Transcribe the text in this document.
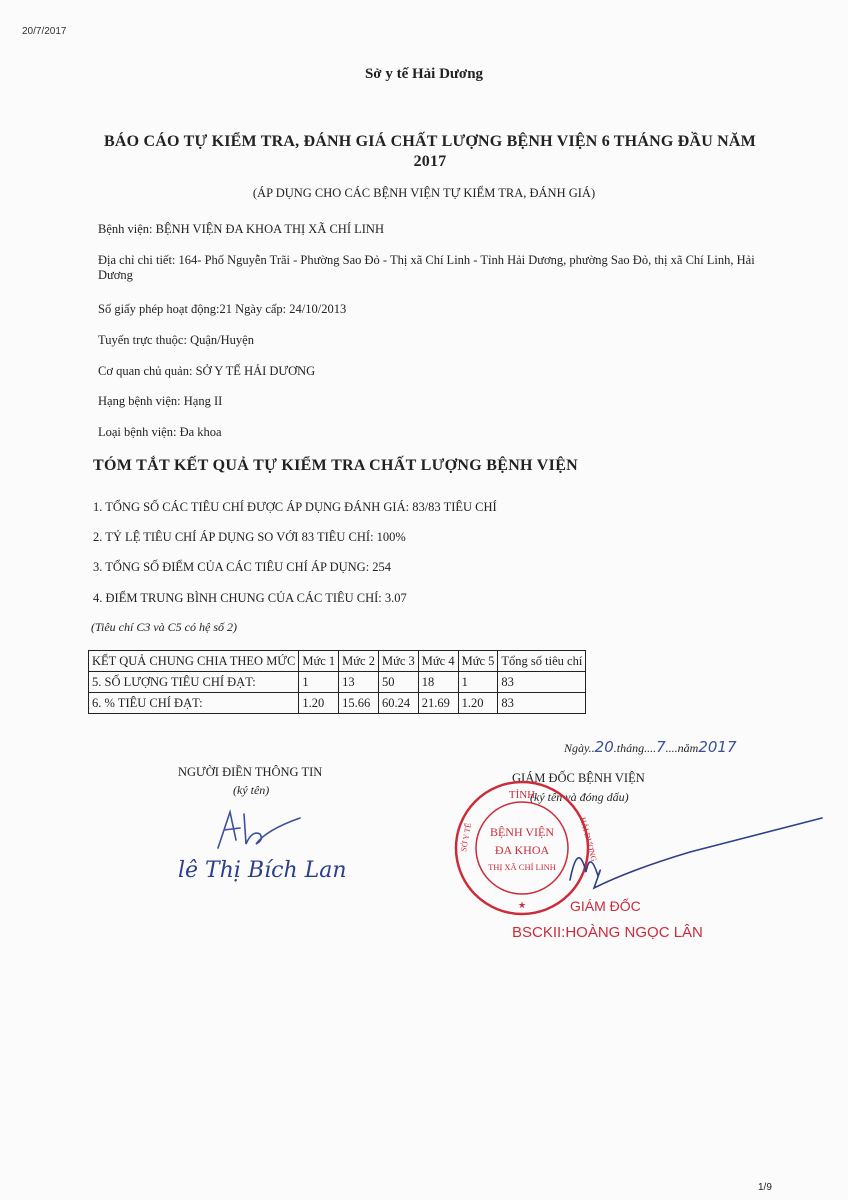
20/7/2017
Sở y tế Hải Dương
BÁO CÁO TỰ KIỂM TRA, ĐÁNH GIÁ CHẤT LƯỢNG BỆNH VIỆN 6 THÁNG ĐẦU NĂM 2017
(ÁP DỤNG CHO CÁC BỆNH VIỆN TỰ KIỂM TRA, ĐÁNH GIÁ)
Bệnh viện: BỆNH VIỆN ĐA KHOA THỊ XÃ CHÍ LINH
Địa chỉ chi tiết: 164- Phố Nguyễn Trãi - Phường Sao Đỏ - Thị xã Chí Linh - Tỉnh Hải Dương, phường Sao Đỏ, thị xã Chí Linh, Hải Dương
Số giấy phép hoạt động:21 Ngày cấp: 24/10/2013
Tuyến trực thuộc: Quận/Huyện
Cơ quan chủ quản: SỞ Y TẾ HẢI DƯƠNG
Hạng bệnh viện: Hạng II
Loại bệnh viện: Đa khoa
TÓM TẮT KẾT QUẢ TỰ KIỂM TRA CHẤT LƯỢNG BỆNH VIỆN
1. TỔNG SỐ CÁC TIÊU CHÍ ĐƯỢC ÁP DỤNG ĐÁNH GIÁ: 83/83 TIÊU CHÍ
2. TỶ LỆ TIÊU CHÍ ÁP DỤNG SO VỚI 83 TIÊU CHÍ: 100%
3. TỔNG SỐ ĐIỂM CỦA CÁC TIÊU CHÍ ÁP DỤNG: 254
4. ĐIỂM TRUNG BÌNH CHUNG CỦA CÁC TIÊU CHÍ: 3.07
(Tiêu chí C3 và C5 có hệ số 2)
KẾT QUẢ CHUNG CHIA THEO MỨC	Mức 1	Mức 2	Mức 3	Mức 4	Mức 5	Tổng số tiêu chí
5. SỐ LƯỢNG TIÊU CHÍ ĐẠT:	1	13	50	18	1	83
6. % TIÊU CHÍ ĐẠT:	1.20	15.66	60.24	21.69	1.20	83
Ngày..20.tháng....7....năm2017
NGƯỜI ĐIỀN THÔNG TIN
(ký tên)
lê Thị Bích Lan
GIÁM ĐỐC BỆNH VIỆN
(ký tên và đóng dấu)
TỈNH
BỆNH VIỆN
ĐA KHOA
THỊ XÃ CHÍ LINH
SỞ Y TẾ	HẢI DƯƠNG
★	GIÁM ĐỐC
BSCKII:HOÀNG NGỌC LÂN
1/9
